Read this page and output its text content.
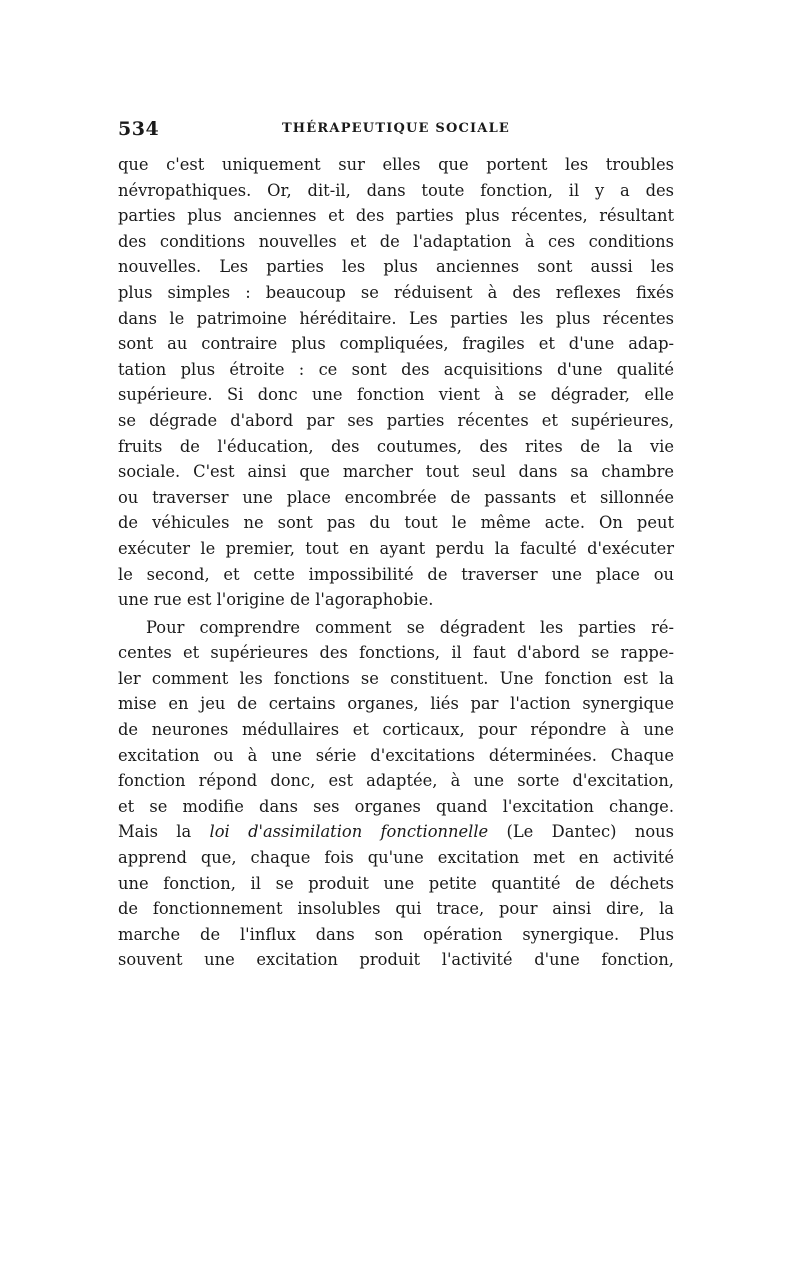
534	THÉRAPEUTIQUE SOCIALE
que c'est uniquement sur elles que portent les troubles
névropathiques. Or, dit-il, dans toute fonction, il y a des
parties plus anciennes et des parties plus récentes, résultant
des conditions nouvelles et de l'adaptation à ces conditions
nouvelles. Les parties les plus anciennes sont aussi les
plus simples : beaucoup se réduisent à des reflexes fixés
dans le patrimoine héréditaire. Les parties les plus récentes
sont au contraire plus compliquées, fragiles et d'une adap-
tation plus étroite : ce sont des acquisitions d'une qualité
supérieure. Si donc une fonction vient à se dégrader, elle
se dégrade d'abord par ses parties récentes et supérieures,
fruits de l'éducation, des coutumes, des rites de la vie
sociale. C'est ainsi que marcher tout seul dans sa chambre
ou traverser une place encombrée de passants et sillonnée
de véhicules ne sont pas du tout le même acte. On peut
exécuter le premier, tout en ayant perdu la faculté d'exécuter
le second, et cette impossibilité de traverser une place ou
une rue est l'origine de l'agoraphobie.
Pour comprendre comment se dégradent les parties ré-
centes et supérieures des fonctions, il faut d'abord se rappe-
ler comment les fonctions se constituent. Une fonction est la
mise en jeu de certains organes, liés par l'action synergique
de neurones médullaires et corticaux, pour répondre à une
excitation ou à une série d'excitations déterminées. Chaque
fonction répond donc, est adaptée, à une sorte d'excitation,
et se modifie dans ses organes quand l'excitation change.
Mais la loi d'assimilation fonctionnelle (Le Dantec) nous
apprend que, chaque fois qu'une excitation met en activité
une fonction, il se produit une petite quantité de déchets
de fonctionnement insolubles qui trace, pour ainsi dire, la
marche de l'influx dans son opération synergique. Plus
souvent une excitation produit l'activité d'une fonction,
